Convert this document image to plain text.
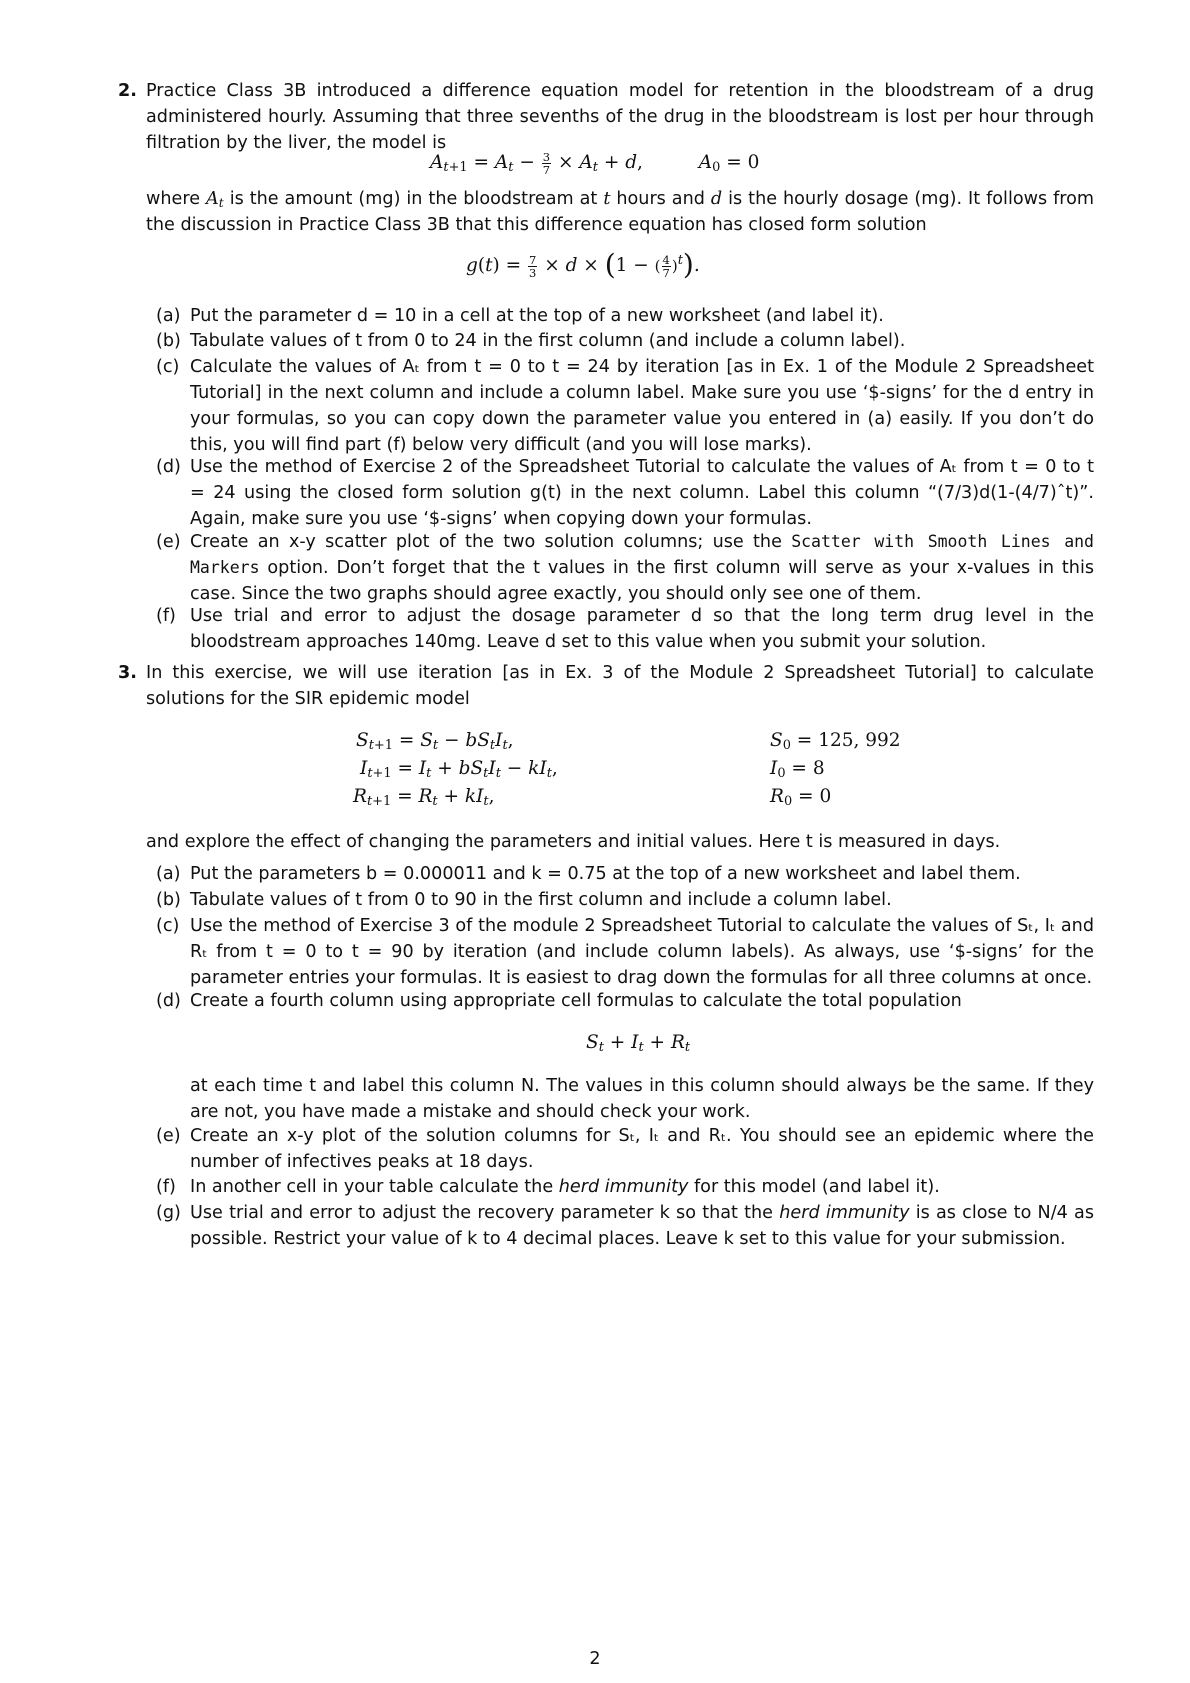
2. Practice Class 3B introduced a difference equation model for retention in the bloodstream of a drug administered hourly. Assuming that three sevenths of the drug in the bloodstream is lost per hour through filtration by the liver, the model is
$A_{t+1} = A_t - \frac{3}{7} \times A_t + d$,	$A_0 = 0$
where $A_t$ is the amount (mg) in the bloodstream at t hours and d is the hourly dosage (mg). It follows from the discussion in Practice Class 3B that this difference equation has closed form solution
$g(t) = \frac{7}{3} \times d \times (1$ − ( $\frac{4}{7} )^t$).
(a) Put the parameter d = 10 in a cell at the top of a new worksheet (and label it).
(b) Tabulate values of t from 0 to 24 in the first column (and include a column label).
(c) Calculate the values of Aₜ from t = 0 to t = 24 by iteration [as in Ex. 1 of the Module 2 Spreadsheet Tutorial] in the next column and include a column label. Make sure you use ‘$-signs’ for the d entry in your formulas, so you can copy down the parameter value you entered in (a) easily. If you don’t do this, you will find part (f) below very difficult (and you will lose marks).
(d) Use the method of Exercise 2 of the Spreadsheet Tutorial to calculate the values of Aₜ from t = 0 to t = 24 using the closed form solution g(t) in the next column. Label this column “(7/3)d(1-(4/7)ˆt)”. Again, make sure you use ‘$-signs’ when copying down your formulas.
(e) Create an x-y scatter plot of the two solution columns; use the Scatter with Smooth Lines and Markers option. Don’t forget that the t values in the first column will serve as your x-values in this case. Since the two graphs should agree exactly, you should only see one of them.
(f) Use trial and error to adjust the dosage parameter d so that the long term drug level in the bloodstream approaches 140mg. Leave d set to this value when you submit your solution.
3. In this exercise, we will use iteration [as in Ex. 3 of the Module 2 Spreadsheet Tutorial] to calculate solutions for the SIR epidemic model
$S_{t+1} = S_t - bS_tI_t$,
$I_{t+1} = I_t + bS_tI_t - kI_t$,
$R_{t+1} = R_t + kI_t$,
$S_0 = 125$, 992
$I_0 = 8$
$R_0 = 0$
and explore the effect of changing the parameters and initial values. Here t is measured in days.
(a) Put the parameters b = 0.000011 and k = 0.75 at the top of a new worksheet and label them.
(b) Tabulate values of t from 0 to 90 in the first column and include a column label.
(c) Use the method of Exercise 3 of the module 2 Spreadsheet Tutorial to calculate the values of Sₜ, Iₜ and Rₜ from t = 0 to t = 90 by iteration (and include column labels). As always, use ‘$-signs’ for the parameter entries your formulas. It is easiest to drag down the formulas for all three columns at once.
(d) Create a fourth column using appropriate cell formulas to calculate the total population
$S_t + I_t + R_t$
at each time t and label this column N. The values in this column should always be the same. If they are not, you have made a mistake and should check your work.
(e) Create an x-y plot of the solution columns for Sₜ, Iₜ and Rₜ. You should see an epidemic where the number of infectives peaks at 18 days.
(f) In another cell in your table calculate the herd immunity for this model (and label it).
(g) Use trial and error to adjust the recovery parameter k so that the herd immunity is as close to N/4 as possible. Restrict your value of k to 4 decimal places. Leave k set to this value for your submission.
2
